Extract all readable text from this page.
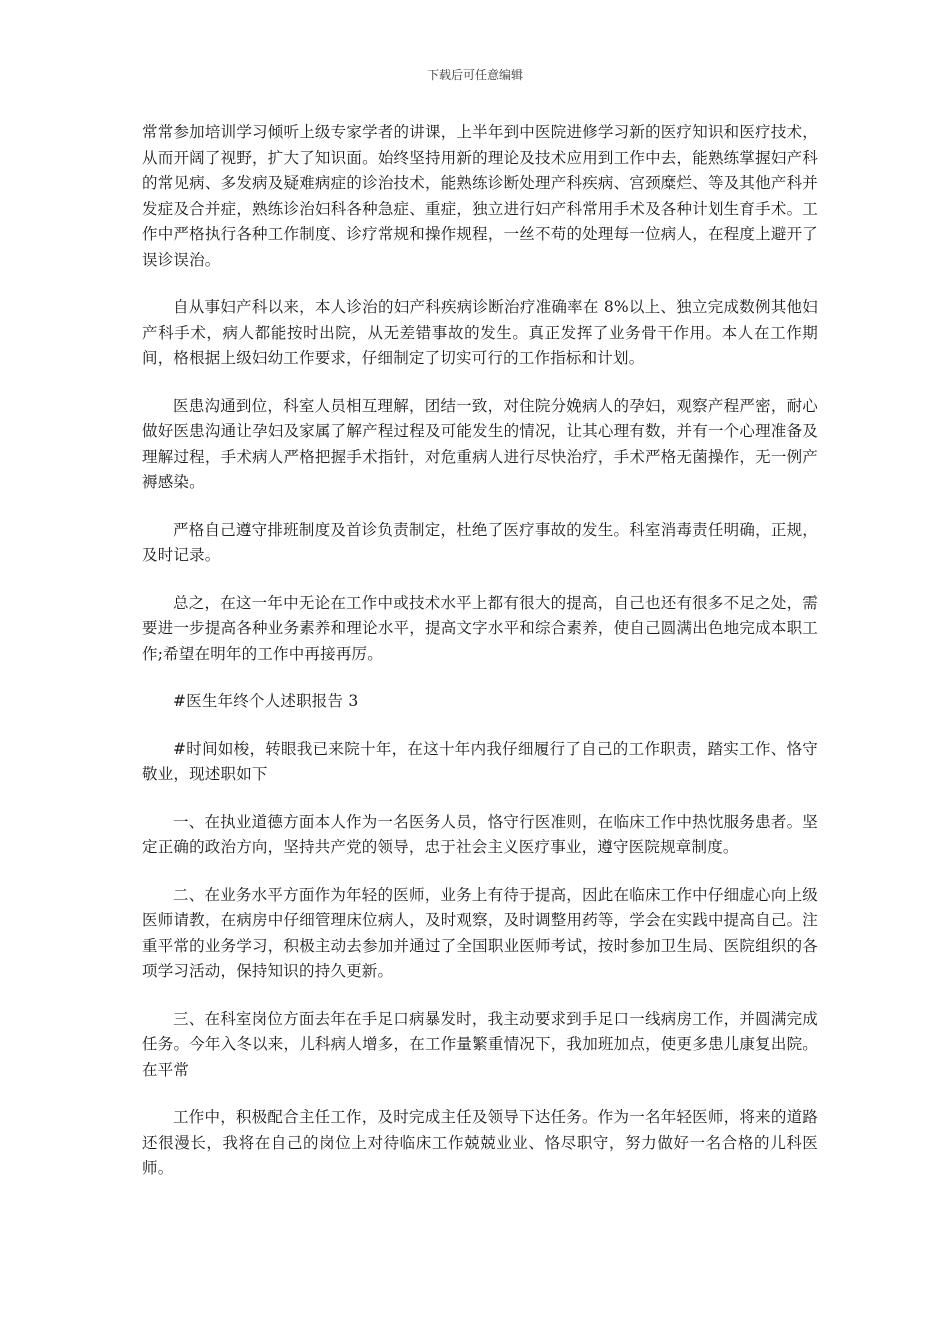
下载后可任意编辑

常常参加培训学习倾听上级专家学者的讲课，上半年到中医院进修学习新的医疗知识和医疗技术，从而开阔了视野，扩大了知识面。始终坚持用新的理论及技术应用到工作中去，能熟练掌握妇产科的常见病、多发病及疑难病症的诊治技术，能熟练诊断处理产科疾病、宫颈糜烂、等及其他产科并发症及合并症，熟练诊治妇科各种急症、重症，独立进行妇产科常用手术及各种计划生育手术。工作中严格执行各种工作制度、诊疗常规和操作规程，一丝不苟的处理每一位病人，在程度上避开了误诊误治。

自从事妇产科以来，本人诊治的妇产科疾病诊断治疗准确率在 8%以上、独立完成数例其他妇产科手术，病人都能按时出院，从无差错事故的发生。真正发挥了业务骨干作用。本人在工作期间，格根据上级妇幼工作要求，仔细制定了切实可行的工作指标和计划。

医患沟通到位，科室人员相互理解，团结一致，对住院分娩病人的孕妇，观察产程严密，耐心做好医患沟通让孕妇及家属了解产程过程及可能发生的情况，让其心理有数，并有一个心理准备及理解过程，手术病人严格把握手术指针，对危重病人进行尽快治疗，手术严格无菌操作，无一例产褥感染。

严格自己遵守排班制度及首诊负责制定，杜绝了医疗事故的发生。科室消毒责任明确，正规，及时记录。

总之，在这一年中无论在工作中或技术水平上都有很大的提高，自己也还有很多不足之处，需要进一步提高各种业务素养和理论水平，提高文字水平和综合素养，使自己圆满出色地完成本职工作;希望在明年的工作中再接再厉。

#医生年终个人述职报告 3

#时间如梭，转眼我已来院十年，在这十年内我仔细履行了自己的工作职责，踏实工作、恪守敬业，现述职如下

一、在执业道德方面本人作为一名医务人员，恪守行医准则，在临床工作中热忱服务患者。坚定正确的政治方向，坚持共产党的领导，忠于社会主义医疗事业，遵守医院规章制度。

二、在业务水平方面作为年轻的医师，业务上有待于提高，因此在临床工作中仔细虚心向上级医师请教，在病房中仔细管理床位病人，及时观察，及时调整用药等，学会在实践中提高自己。注重平常的业务学习，积极主动去参加并通过了全国职业医师考试，按时参加卫生局、医院组织的各项学习活动，保持知识的持久更新。

三、在科室岗位方面去年在手足口病暴发时，我主动要求到手足口一线病房工作，并圆满完成任务。今年入冬以来，儿科病人增多，在工作量繁重情况下，我加班加点，使更多患儿康复出院。在平常

工作中，积极配合主任工作，及时完成主任及领导下达任务。作为一名年轻医师，将来的道路还很漫长，我将在自己的岗位上对待临床工作兢兢业业、恪尽职守，努力做好一名合格的儿科医师。
